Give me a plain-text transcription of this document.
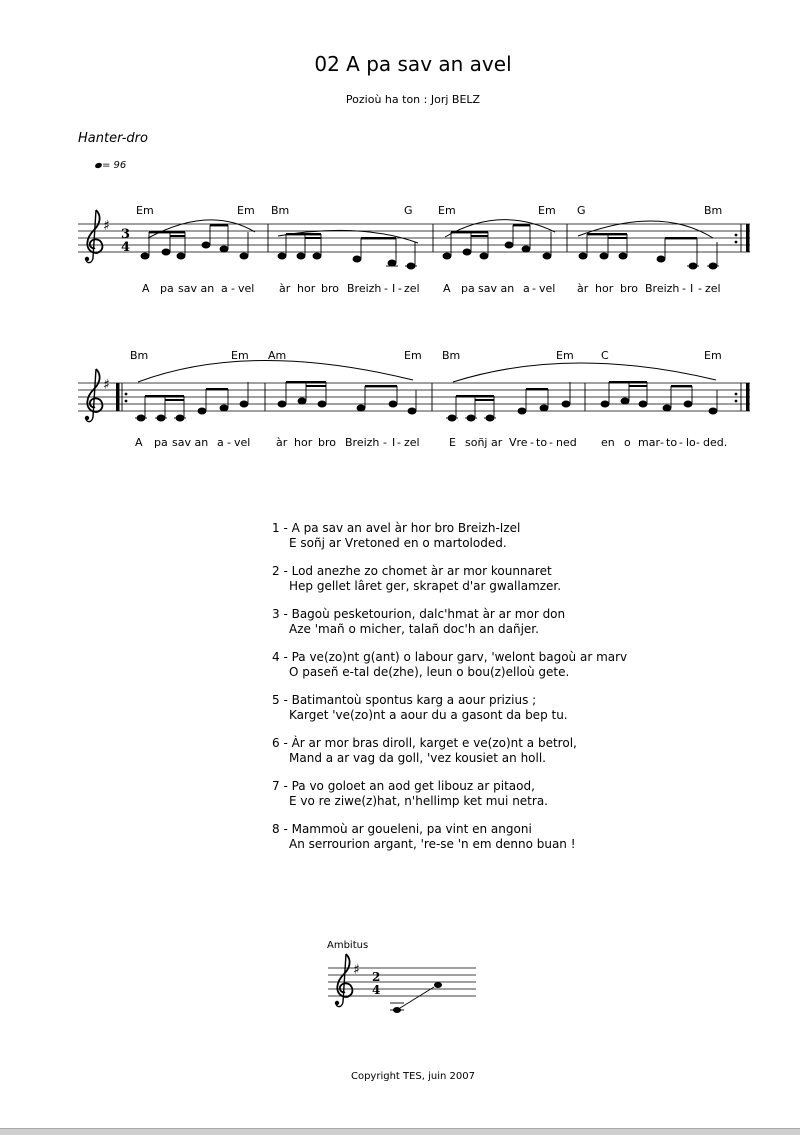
02 A pa sav an avel
Pozioù ha ton : Jorj BELZ
Hanter-dro
= 96
♯
3
4
Em	Em Bm	G Em	Em G	Bm
A pa sav an a - vel àr hor bro Breizh - I - zel A pa sav an a - vel àr hor bro Breizh - I - zel
♯
Bm	Em Am	Em Bm	Em C	Em
A pa sav an a - vel àr hor bro Breizh - I - zel	E soñj ar Vre - to - ned en o mar - to - lo - ded.
♯ 2
4
1 - A pa sav an avel àr hor bro Breizh-Izel
E soñj ar Vretoned en o martoloded.
2 - Lod anezhe zo chomet àr ar mor kounnaret
Hep gellet lâret ger, skrapet d'ar gwallamzer.
3 - Bagoù pesketourion, dalc'hmat àr ar mor don
Aze 'mañ o micher, talañ doc'h an dañjer.
4 - Pa ve(zo)nt g(ant) o labour garv, 'welont bagoù ar marv
O paseñ e-tal de(zhe), leun o bou(z)elloù gete.
5 - Batimantoù spontus karg a aour prizius ;
Karget 've(zo)nt a aour du a gasont da bep tu.
6 - Àr ar mor bras diroll, karget e ve(zo)nt a betrol,
Mand a ar vag da goll, 'vez kousiet an holl.
7 - Pa vo goloet an aod get libouz ar pitaod,
E vo re ziwe(z)hat, n'hellimp ket mui netra.
8 - Mammoù ar goueleni, pa vint en angoni
An serrourion argant, 're-se 'n em denno buan !
Ambitus
Copyright TES, juin 2007
